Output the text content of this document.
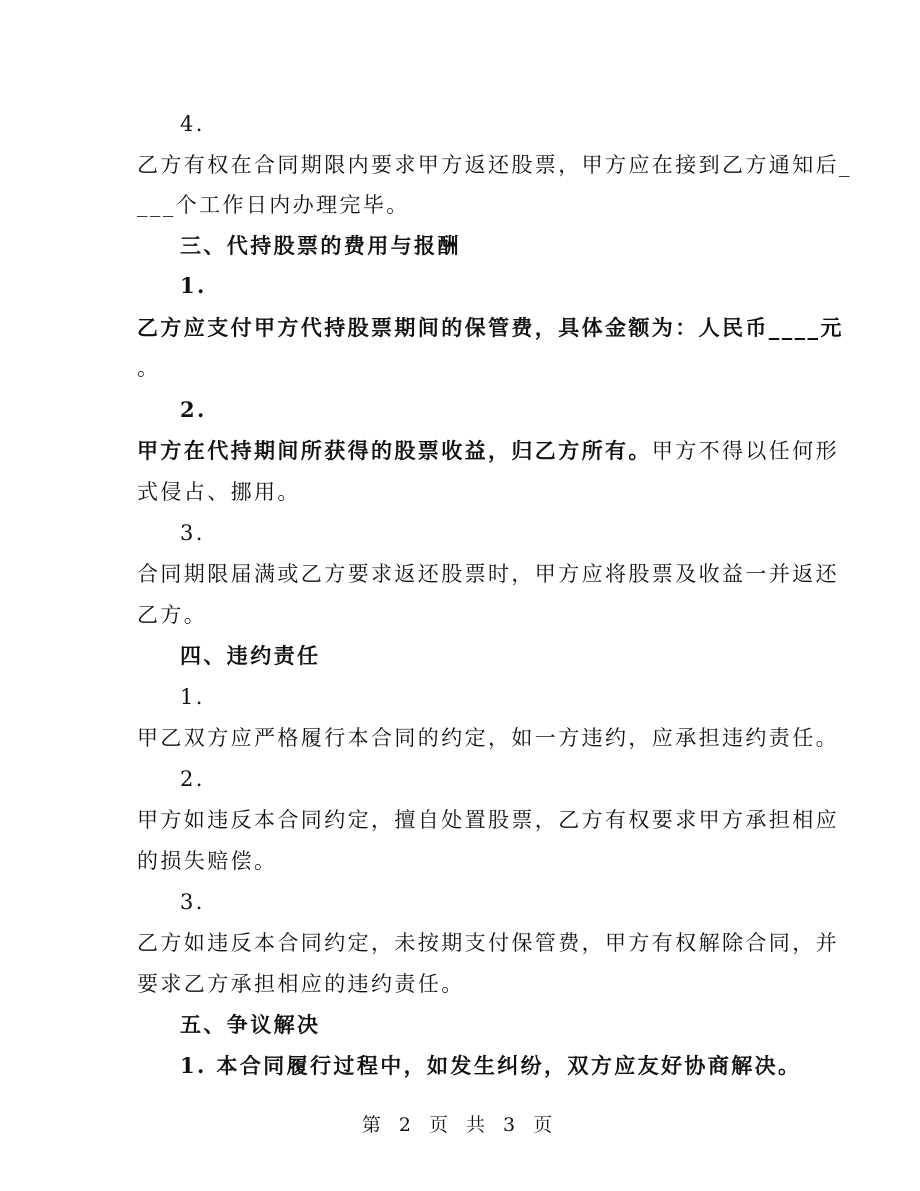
4.
乙方有权在合同期限内要求甲方返还股票，甲方应在接到乙方通知后_
___个工作日内办理完毕。
三、代持股票的费用与报酬
1.
乙方应支付甲方代持股票期间的保管费，具体金额为：人民币____元
。
2.
甲方在代持期间所获得的股票收益，归乙方所有。甲方不得以任何形
式侵占、挪用。
3.
合同期限届满或乙方要求返还股票时，甲方应将股票及收益一并返还
乙方。
四、违约责任
1.
甲乙双方应严格履行本合同的约定，如一方违约，应承担违约责任。
2.
甲方如违反本合同约定，擅自处置股票，乙方有权要求甲方承担相应
的损失赔偿。
3.
乙方如违反本合同约定，未按期支付保管费，甲方有权解除合同，并
要求乙方承担相应的违约责任。
五、争议解决
1. 本合同履行过程中，如发生纠纷，双方应友好协商解决。
第 2 页 共 3 页
